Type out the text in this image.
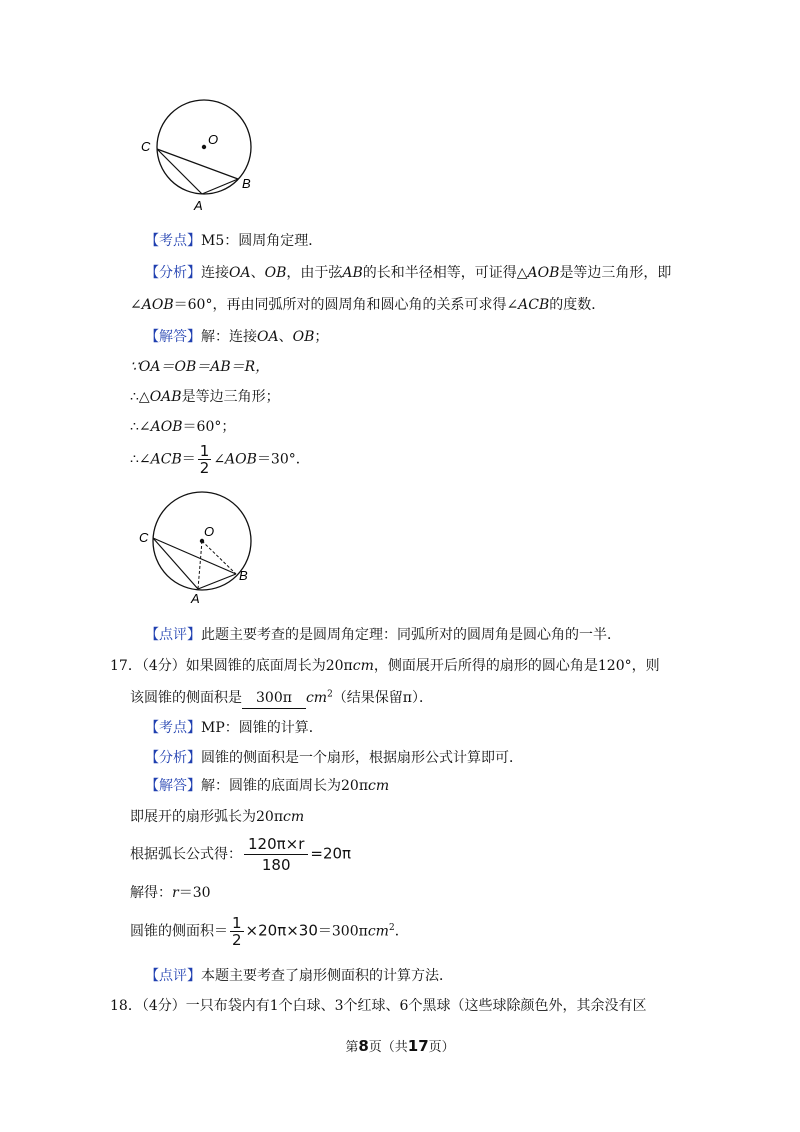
C	O
B
A
【考点】M5：圆周角定理．
【分析】连接OA、OB，由于弦AB的长和半径相等，可证得△AOB是等边三角形，即
∠AOB＝60°，再由同弧所对的圆周角和圆心角的关系可求得∠ACB的度数．
【解答】解：连接OA、OB；
∵OA＝OB＝AB＝R，
∴△OAB是等边三角形；
∴∠AOB＝60°；
∴∠ACB＝ $\frac{1}{2}$ ∠AOB＝30°．
C	O
B
A
【点评】此题主要考查的是圆周角定理：同弧所对的圆周角是圆心角的一半．
17．（4分）如果圆锥的底面周长为20πcm，侧面展开后所得的扇形的圆心角是120°，则
该圆锥的侧面积是 300π $cm^2$（结果保留π）．
【考点】MP：圆锥的计算．
【分析】圆锥的侧面积是一个扇形，根据扇形公式计算即可．
【解答】解：圆锥的底面周长为20πcm
即展开的扇形弧长为20πcm
根据弧长公式得： $\frac{120\pi\times r}{180} =20\pi$
解得：r＝30
圆锥的侧面积＝ $\frac{1}{2} \times 20\pi\times 30=300\pi cm^2$．
【点评】本题主要考查了扇形侧面积的计算方法．
18．（4分）一只布袋内有1个白球、3个红球、6个黑球（这些球除颜色外，其余没有区
第8页（共17页）
